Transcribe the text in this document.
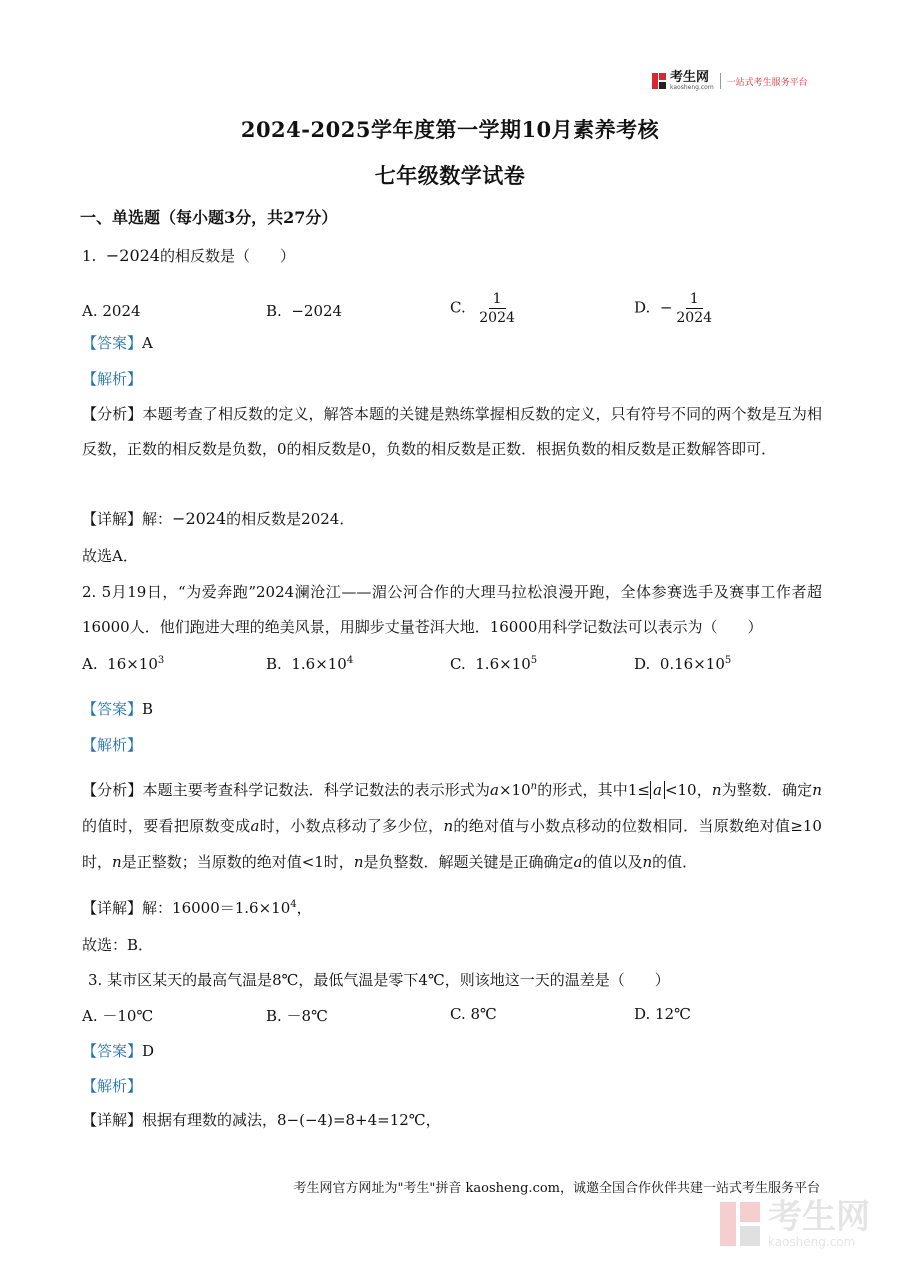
考生网
kaosheng.com 一站式考生服务平台
2024-2025学年度第一学期10月素养考核
七年级数学试卷
一、单选题（每小题3分，共27分）
1. −2024的相反数是（　　）
A. 2024	B. −2024	C. $\frac{1}{2024}$	D. − $\frac{1}{2024}$
【答案】A
【解析】
【分析】本题考查了相反数的定义，解答本题的关键是熟练掌握相反数的定义，只有符号不同的两个数是互为相反数，正数的相反数是负数，0的相反数是0，负数的相反数是正数．根据负数的相反数是正数解答即可．
【详解】解：−2024的相反数是2024．
故选A．
2. 5月19日，“为爱奔跑”2024澜沧江——湄公河合作的大理马拉松浪漫开跑，全体参赛选手及赛事工作者超16000人．他们跑进大理的绝美风景，用脚步丈量苍洱大地．16000用科学记数法可以表示为（　　）
A. $16\times 10^3$	B. $1.6\times 10^4$	C. $1.6\times 10^5$	D. $0.16\times 10^5$
【答案】B
【解析】
【分析】本题主要考查科学记数法．科学记数法的表示形式为$a\times 10^n$的形式，其中1≤ a <10，n为整数．确定n的值时，要看把原数变成a时，小数点移动了多少位，n的绝对值与小数点移动的位数相同．当原数绝对值≥10时，n是正整数；当原数的绝对值<1时，n是负整数．解题关键是正确确定a的值以及n的值．
【详解】解：$16000=1.6\times 10^4$，
故选：B．
3. 某市区某天的最高气温是8℃，最低气温是零下4℃，则该地这一天的温差是（　　）
A. －10℃	B. －8℃	C. 8℃	D. 12℃
【答案】D
【解析】
【详解】根据有理数的减法，8−(−4)=8+4=12℃，
考生网官方网址为"考生"拼音 kaosheng.com，诚邀全国合作伙伴共建一站式考生服务平台
考生网
kaosheng.com
